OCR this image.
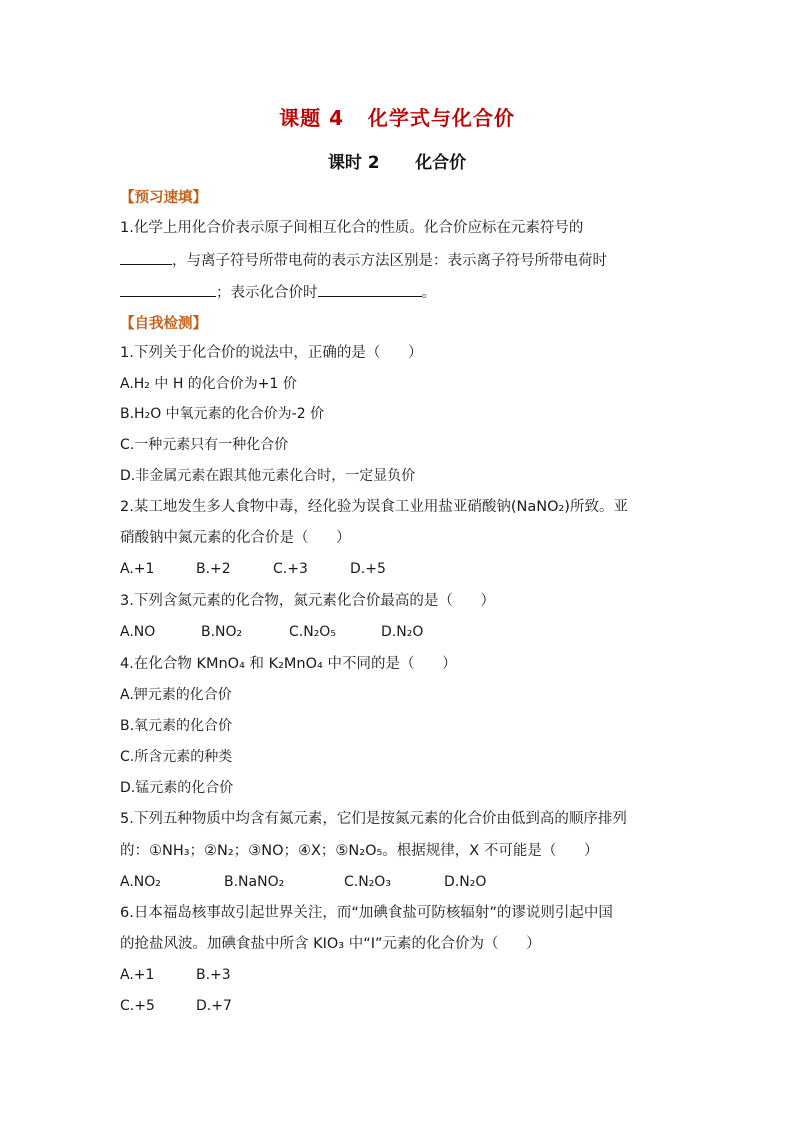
课题 4   化学式与化合价
课时 2      化合价
【预习速填】
1.化学上用化合价表示原子间相互化合的性质。化合价应标在元素符号的
，与离子符号所带电荷的表示方法区别是：表示离子符号所带电荷时
；表示化合价时	。
【自我检测】
1.下列关于化合价的说法中，正确的是（      ）
A.H₂ 中 H 的化合价为+1 价
B.H₂O 中氧元素的化合价为-2 价
C.一种元素只有一种化合价
D.非金属元素在跟其他元素化合时，一定显负价
2.某工地发生多人食物中毒，经化验为误食工业用盐亚硝酸钠(NaNO₂)所致。亚
硝酸钠中氮元素的化合价是（      ）
A.+1	B.+2	C.+3	D.+5
3.下列含氮元素的化合物，氮元素化合价最高的是（      ）
A.NO	B.NO₂	C.N₂O₅	D.N₂O
4.在化合物 KMnO₄ 和 K₂MnO₄ 中不同的是（      ）
A.钾元素的化合价
B.氧元素的化合价
C.所含元素的种类
D.锰元素的化合价
5.下列五种物质中均含有氮元素，它们是按氮元素的化合价由低到高的顺序排列
的：①NH₃；②N₂；③NO；④X；⑤N₂O₅。根据规律，X 不可能是（      ）
A.NO₂	B.NaNO₂	C.N₂O₃	D.N₂O
6.日本福岛核事故引起世界关注，而“加碘食盐可防核辐射”的谬说则引起中国
的抢盐风波。加碘食盐中所含 KIO₃ 中“I”元素的化合价为（      ）
A.+1	B.+3
C.+5	D.+7
